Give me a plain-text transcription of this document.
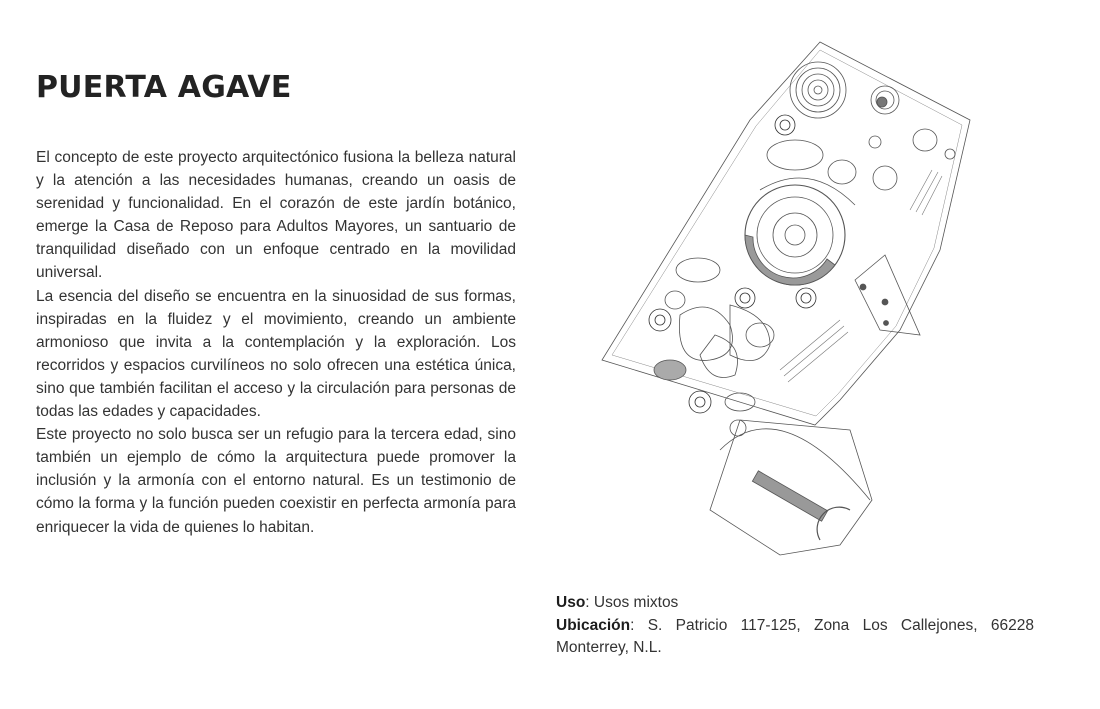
PUERTA AGAVE

El concepto de este proyecto arquitectónico fusiona la belleza natural y la atención a las necesidades humanas, creando un oasis de serenidad y funcionalidad. En el corazón de este jardín botánico, emerge la Casa de Reposo para Adultos Mayores, un santuario de tranquilidad diseñado con un enfoque centrado en la movilidad universal.

La esencia del diseño se encuentra en la sinuosidad de sus formas, inspiradas en la fluidez y el movimiento, creando un ambiente armonioso que invita a la contemplación y la exploración. Los recorridos y espacios curvilíneos no solo ofrecen una estética única, sino que también facilitan el acceso y la circulación para personas de todas las edades y capacidades.

Este proyecto no solo busca ser un refugio para la tercera edad, sino también un ejemplo de cómo la arquitectura puede promover la inclusión y la armonía con el entorno natural. Es un testimonio de cómo la forma y la función pueden coexistir en perfecta armonía para enriquecer la vida de quienes lo habitan.

Uso: Usos mixtos

Ubicación: S. Patricio 117-125, Zona Los Callejones, 66228 Monterrey, N.L.
